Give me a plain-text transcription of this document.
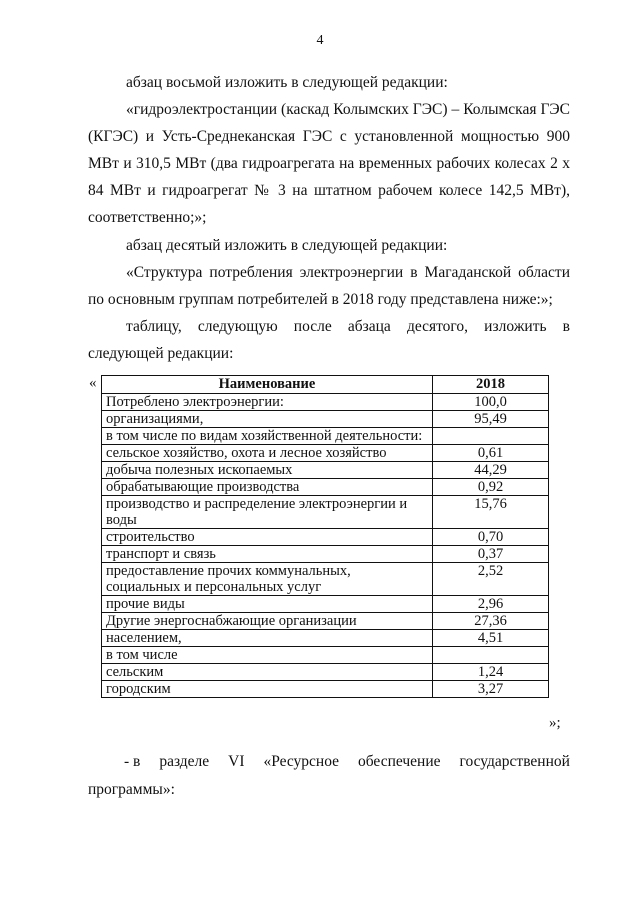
4

абзац восьмой изложить в следующей редакции:

«гидроэлектростанции (каскад Колымских ГЭС) – Колымская ГЭС (КГЭС) и Усть-Среднеканская ГЭС с установленной мощностью 900 МВт и 310,5 МВт (два гидроагрегата на временных рабочих колесах 2 х 84 МВт и гидроагрегат № 3 на штатном рабочем колесе 142,5 МВт), соответственно;»;

абзац десятый изложить в следующей редакции:

«Структура потребления электроэнергии в Магаданской области по основным группам потребителей в 2018 году представлена ниже:»;

таблицу, следующую после абзаца десятого, изложить в следующей редакции:

«	Наименование	2018
Потреблено электроэнергии:	100,0
организациями,	95,49
в том числе по видам хозяйственной деятельности:	
сельское хозяйство, охота и лесное хозяйство	0,61
добыча полезных ископаемых	44,29
обрабатывающие производства	0,92
производство и распределение электроэнергии и воды	15,76
строительство	0,70
транспорт и связь	0,37
предоставление прочих коммунальных, социальных и персональных услуг	2,52
прочие виды	2,96
Другие энергоснабжающие организации	27,36
населением,	4,51
в том числе	
сельским	1,24
городским	3,27
»;
- в разделе VI «Ресурсное обеспечение государственной
программы»:
